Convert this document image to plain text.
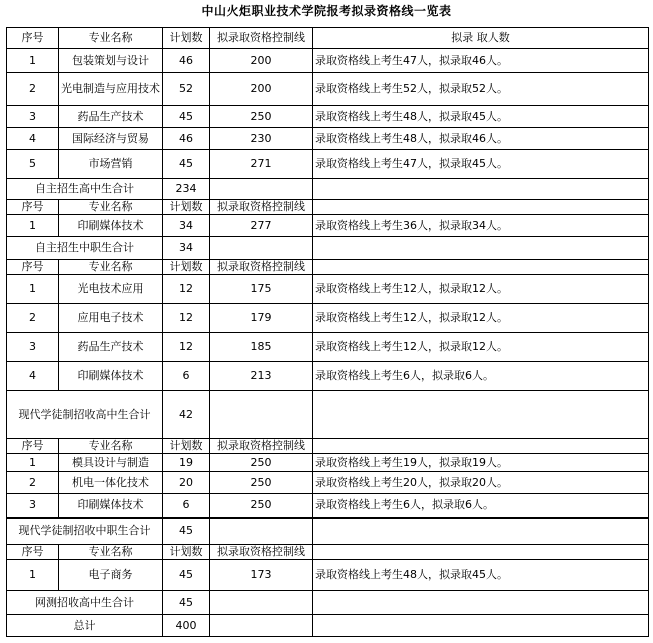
中山火炬职业技术学院报考拟录资格线一览表
序号	专业名称	计划数	拟录取资格控制线	拟录 取人数
1	包装策划与设计	46	200	录取资格线上考生47人，拟录取46人。
2	光电制造与应用技术	52	200	录取资格线上考生52人，拟录取52人。
3	药品生产技术	45	250	录取资格线上考生48人，拟录取45人。
4	国际经济与贸易	46	230	录取资格线上考生48人，拟录取46人。
5	市场营销	45	271	录取资格线上考生47人，拟录取45人。
自主招生高中生合计		234		
序号	专业名称	计划数	拟录取资格控制线	
1	印刷媒体技术	34	277	录取资格线上考生36人，拟录取34人。
自主招生中职生合计		34		
序号	专业名称	计划数	拟录取资格控制线	
1	光电技术应用	12	175	录取资格线上考生12人，拟录取12人。
2	应用电子技术	12	179	录取资格线上考生12人，拟录取12人。
3	药品生产技术	12	185	录取资格线上考生12人，拟录取12人。
4	印刷媒体技术	6	213	录取资格线上考生6人，拟录取6人。
现代学徒制招收高中生合计		42		
序号	专业名称	计划数	拟录取资格控制线	
1	模具设计与制造	19	250	录取资格线上考生19人，拟录取19人。
2	机电一体化技术	20	250	录取资格线上考生20人，拟录取20人。
3	印刷媒体技术	6	250	录取资格线上考生6人，拟录取6人。
现代学徒制招收中职生合计		45		
序号	专业名称	计划数	拟录取资格控制线	
1	电子商务	45	173	录取资格线上考生48人，拟录取45人。
网测招收高中生合计		45		
总计		400		
